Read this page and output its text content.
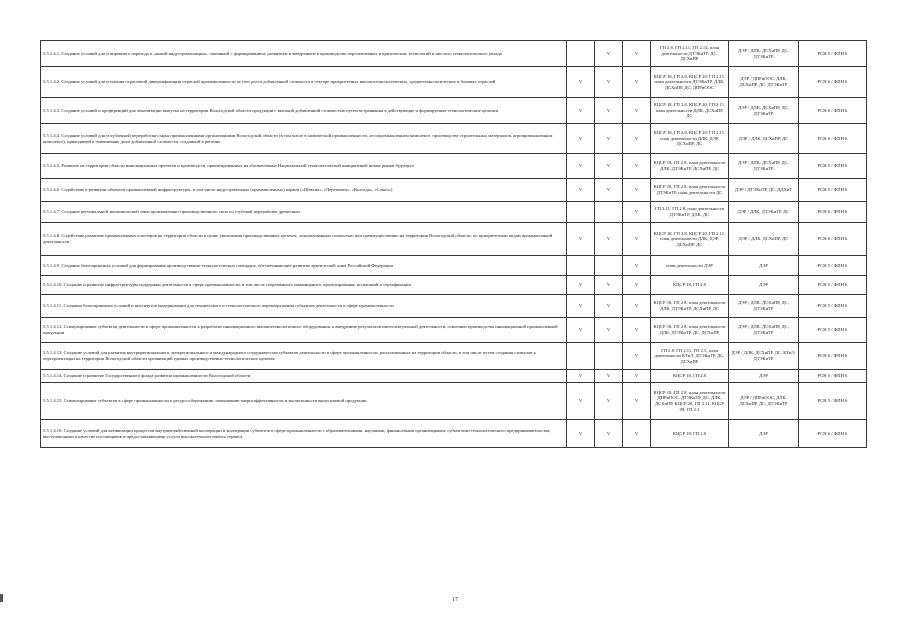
5.5.1.4.1. Создание условий для ускоренного перехода к «новой индустриализации», связанной с формированием, развитием и внедрением в производство перспективных и критических технологий и шестого технологического уклада		V	V	ГП 2.8, ГП 2.11, ГП 2.14, план деятельности ДТЭКиТР, ДС, ДСХиПР	ДЭР / ДЛК, ДСХиПР, ДС, ДТЭКиТР	РСН 5 / ФПН 6
5.5.1.4.2. Создание условий для усиления отраслевой диверсификации отраслей промышленности за счет роста добавленной стоимости в секторе приоритетных высокотехнологических, среднетехнологических и базовых отраслей	V	V	V	КЦСР 18, ГП 2.8, КЦСР 20, ГП 2.11, план деятельности ДТЭКиТР, ДЛК, ДСХиПР, ДС, ДПРиООС	ДЭР / ДПРиООС, ДЛК, ДСХиПР, ДС, ДТЭКиТР	РСН 6 / ФПН 6
5.5.1.4.3. Создание условий и преференций для локализации выпуска на территории Вологодской области продукции с высокой добавленной стоимостью путем встраивания в действующие и формируемые технологические цепочки	V	V	V	КЦСР 18, ГП 2.8, КЦСР 20, ГП 2.11, план деятельности ДЛК, ДСХиПР, ДС	ДЭР / ДЛК, ДСХиПР, ДС, ДТЭКиТР	РСН 6 / ФПН 6
5.5.1.4.4. Создание условий для углубленной переработки сырья промышленными организациями Вологодской области (в том числе в химической промышленности, лесопромышленном комплексе, производстве строительных материалов, агропромышленном комплексе), приводящей к повышению доли добавленной стоимости, созданной в регионе	V	V	V	КЦСР 18, ГП 2.8, КЦСР 20, ГП 2.11, план деятельности ДЛК, ДЭР, ДСХиПР, ДС	ДЭР / ДЛК, ДСХиПР, ДС	РСН 6 / ФПН 6
5.5.1.4.5. Развитие на территории области инновационных проектов и производств, ориентированных на обозначенные Национальной технологической инициативой новые рынки будущего	V	V	V	КЦСР 18, ГП 2.8, план деятельности ДЛК, ДТЭКиТР, ДСХиПР, ДС	ДЭР / ДЛК, ДСХиПР, ДС, ДТЭКиТР	РСН 5 / ФПН 6
5.5.1.4.6. Содействие в развитии объектов промышленной инфраструктуры, в том числе индустриальных (промышленных) парков («Шексна», «Череповец», «Вологда», «Сокол»)	V	V	V	КЦСР 18, ГП 2.8, план деятельности ДТЭКиТР, план деятельности ДС	ДЭР / ДТЭКиТР, ДС, ДДХиТ	РСН 5 / ФПН 6
5.5.1.4.7. Создание региональной экономической зоны промышленно-производственного типа по глубокой переработке древесины			V	ГП 2.11, ГП 2.8, план деятельности ДТЭКиТР, ДЛК, ДС	ДЭР / ДЛК, ДТЭКиТР, ДС	РСН 6 / ФПН 6
5.5.1.4.8. Содействие развитию промышленных кластеров на территории области в целях увеличения производственных цепочек, локализованных полностью или преимущественно на территории Вологодской области, по приоритетным видам промышленной деятельности	V	V	V	КЦСР 18, ГП 2.8, КЦСР 20, ГП 2.11, план деятельности ДЛК, ДЭР, ДСХиПР, ДС	ДЭР / ДЛК, ДСХиПР, ДС	РСН 6 / ФПН 6
5.5.1.4.9. Создание благоприятных условий для формирования производственно-технологических площадок, обеспечивающих развитие арктической зоны Российской Федерации			V	план деятельности ДЭР	ДЭР	РСН 5 / ФПН 6
5.5.1.4.10. Создание и развитие инфраструктуры поддержки деятельности в сфере промышленности, в том числе современного инжиниринга, проектирования, испытаний и сертификации	V	V	V	КЦСР 18, ГП 2.8	ДЭР	РСН 5 / ФПН 6
5.5.1.4.11. Создание благоприятных условий и институтов модернизации для технического и технологического перевооружения субъектов деятельности в сфере промышленности	V	V	V	КЦСР 18, ГП 2.8, план деятельности ДЛК, ДТЭКиТР, ДСХиПР, ДС	ДЭР / ДЛК, ДСХиПР, ДС, ДТЭКиТР	РСН 5 / ФПН 6
5.5.1.4.12. Стимулирование субъектов деятельности в сфере промышленности к разработке инновационного высокотехнологичного оборудования, к внедрению результатов интеллектуальной деятельности, освоению производства инновационной промышленной продукции	V	V	V	КЦСР 18, ГП 2.8, план деятельности ДЛК, ДТЭКиТР, ДС, ДСХиПР	ДЭР / ДЛК, ДСХиПР, ДС, ДТЭКиТР	РСН 5 / ФПН 6
5.5.1.4.13. Создание условий для развития внутрирегионального, межрегионального и международного сотрудничества субъектов деятельности в сфере промышленности, расположенных на территории области, в том числе путем создания стимулов к переориентации на территории Вологодской области организаций единых производственно-технологических цепочек			V	ГП 2.8, ГП 2.11, ГП 2.5, план деятельности КТиЭ, ДТЭКиТР, ДС, ДСХиПР	ДЭР / ДЛК, ДСХиПР, ДС, КТиЭ, ДТЭКиТР	РСН 6 / ФПН 6
5.5.1.4.14. Создание и развитие Государственного фонда развития промышленности Вологодской области	V	V	V	КЦСР 18, ГП 2.8	ДЭР	РСН 5 / ФПН 6
5.5.1.4.15. Стимулирование субъектов в сфере промышленности к ресурсосбережению, повышению энергоэффективности и экологичности выпускаемой продукции	V	V	V	КЦСР 18, ГП 2.8, план деятельности ДПРиООС, ДТЭКиТР, ДС, ДЛК, ДСХиПР, КЦСР 20, ГП 2.11, КЦСР 09, ГП 2.3	ДЭР / ДПРиООС, ДЛК, ДСХиПР, ДС, ДТЭКиТР	РСН 5 / ФПН 6
5.5.1.4.16. Создание условий для активизации процессов внутрихозяйственной кооперации и кооперации субъектов в сфере промышленности с образовательными, научными, финансовыми организациями, субъектами технологического предпринимательства, выступающими в качестве поставщиков и предоставляющими услуги высокотехнологичного сервиса	V	V	V	КЦСР 18, ГП 2.8	ДЭР	РСН 6 / ФПН 6
17
